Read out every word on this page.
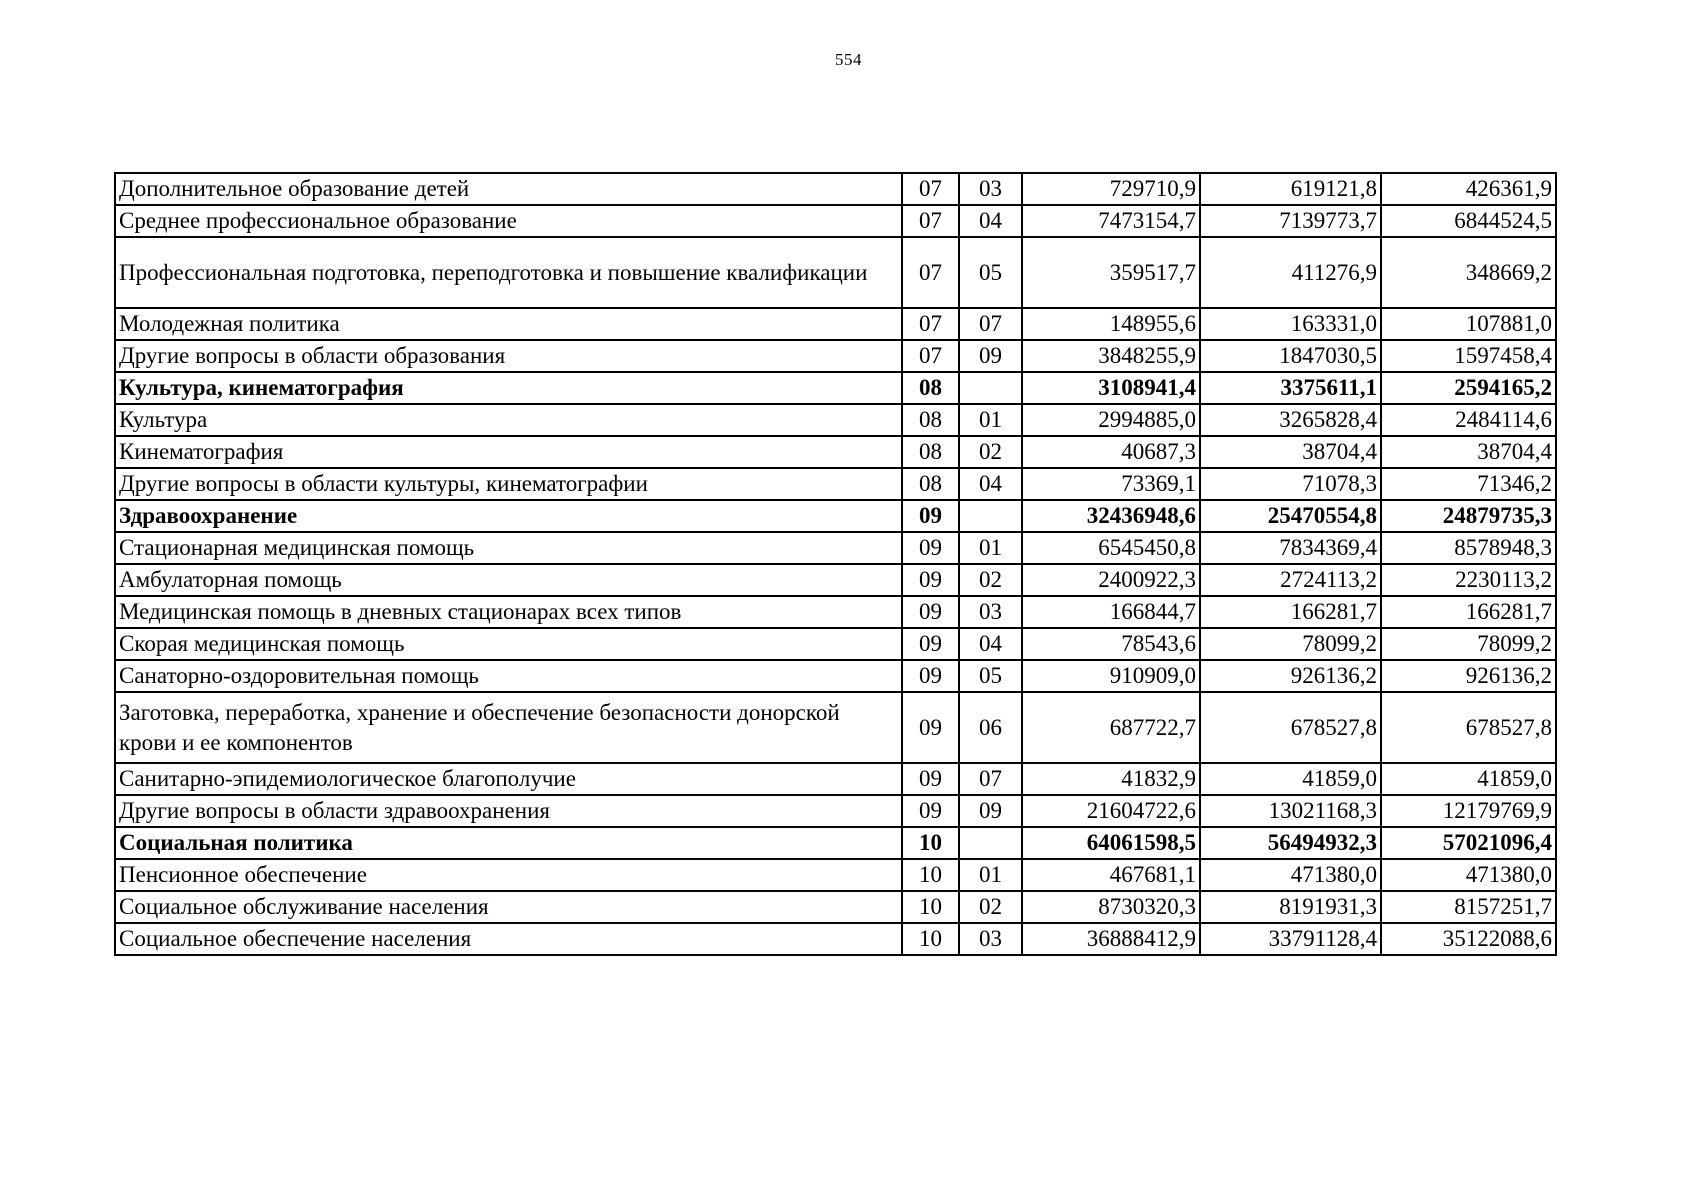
554
Дополнительное образование детей	07	03	729710,9	619121,8	426361,9
Среднее профессиональное образование	07	04	7473154,7	7139773,7	6844524,5
Профессиональная подготовка, переподготовка и повышение квалификации	07	05	359517,7	411276,9	348669,2
Молодежная политика	07	07	148955,6	163331,0	107881,0
Другие вопросы в области образования	07	09	3848255,9	1847030,5	1597458,4
Культура, кинематография	08		3108941,4	3375611,1	2594165,2
Культура	08	01	2994885,0	3265828,4	2484114,6
Кинематография	08	02	40687,3	38704,4	38704,4
Другие вопросы в области культуры, кинематографии	08	04	73369,1	71078,3	71346,2
Здравоохранение	09		32436948,6	25470554,8	24879735,3
Стационарная медицинская помощь	09	01	6545450,8	7834369,4	8578948,3
Амбулаторная помощь	09	02	2400922,3	2724113,2	2230113,2
Медицинская помощь в дневных стационарах всех типов	09	03	166844,7	166281,7	166281,7
Скорая медицинская помощь	09	04	78543,6	78099,2	78099,2
Санаторно-оздоровительная помощь	09	05	910909,0	926136,2	926136,2
Заготовка, переработка, хранение и обеспечение безопасности донорской крови и ее компонентов	09	06	687722,7	678527,8	678527,8
Санитарно-эпидемиологическое благополучие	09	07	41832,9	41859,0	41859,0
Другие вопросы в области здравоохранения	09	09	21604722,6	13021168,3	12179769,9
Социальная политика	10		64061598,5	56494932,3	57021096,4
Пенсионное обеспечение	10	01	467681,1	471380,0	471380,0
Социальное обслуживание населения	10	02	8730320,3	8191931,3	8157251,7
Социальное обеспечение населения	10	03	36888412,9	33791128,4	35122088,6
